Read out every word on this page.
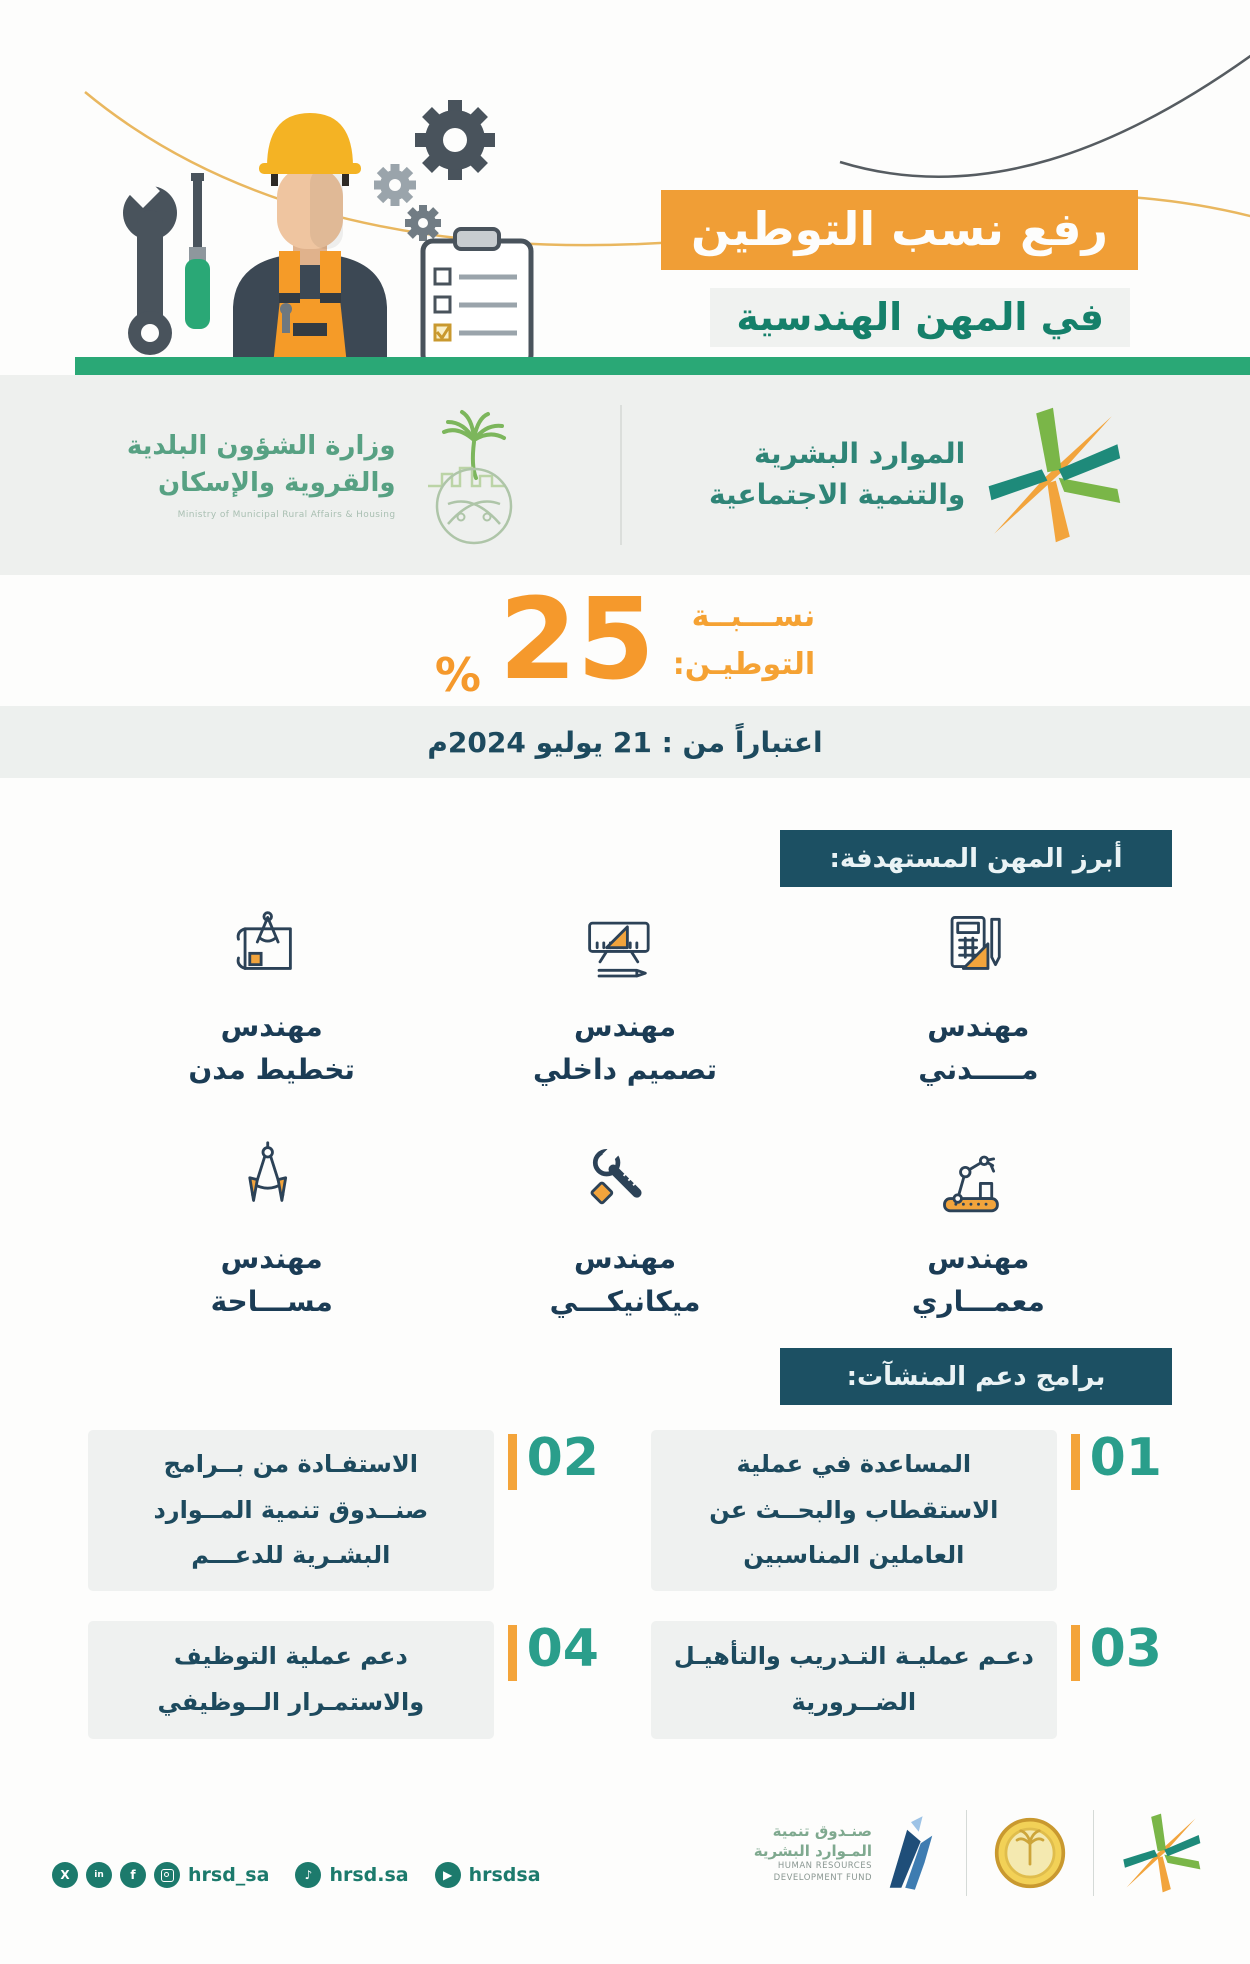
رفع نسب التوطين
في المهن الهندسية
الموارد البشرية
والتنمية الاجتماعية
وزارة الشؤون البلدية
والقروية والإسكان
Ministry of Municipal Rural Affairs & Housing
نســـبــة
التوطيـن:
25
%
اعتباراً من : 21 يوليو 2024م
أبرز المهن المستهدفة:
مهندس
مـــــدني
مهندس
تصميم داخلي
مهندس
تخطيط مدن
مهندس
معمـــاري
مهندس
ميكانيكـــي
مهندس
مســـاحة
برامج دعم المنشآت:
المساعدة في عملية الاستقطاب والبحــث عن العاملين المناسبين
01
الاستفـادة من بــرامج صنــدوق تنمية المــوارد البشـرية للدعـــم
02
دعـم عمليـة التـدريب والتأهيـل الضــرورية
03
دعم عملية التوظيف والاستمـرار الــوظيفي
04
X	in	f	hrsd_sa	♪ hrsd.sa	▶ hrsdsa
صنـدوق تنمية
المـوارد البشرية
HUMAN RESOURCES
DEVELOPMENT FUND
